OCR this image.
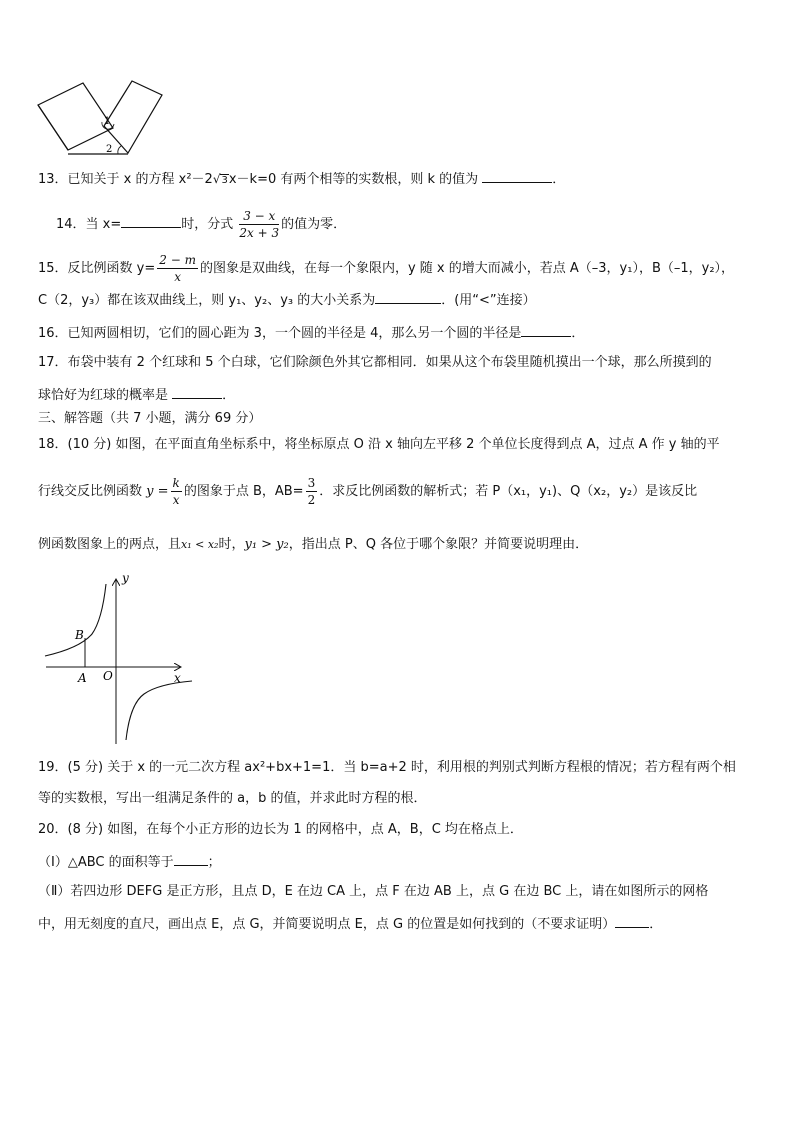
1
2
13．已知关于 x 的方程 x²－2√3x－k=0 有两个相等的实数根，则 k 的值为	．
14．当 x=	时，分式 $\frac{3 - x}{2x + 3}$ 的值为零．
15．反比例函数 $y= \frac{2 - m}{x}$ 的图象是双曲线，在每一个象限内，y 随 x 的增大而减小，若点 A（–3，y₁），B（–1，y₂），
C（2，y₃）都在该双曲线上，则 y₁、y₂、y₃ 的大小关系为	．(用“<”连接）
16．已知两圆相切，它们的圆心距为 3，一个圆的半径是 4，那么另一个圆的半径是	．
17．布袋中装有 2 个红球和 5 个白球，它们除颜色外其它都相同．如果从这个布袋里随机摸出一个球，那么所摸到的
球恰好为红球的概率是	．
三、解答题（共 7 小题，满分 69 分）
18．(10 分) 如图，在平面直角坐标系中，将坐标原点 O 沿 x 轴向左平移 2 个单位长度得到点 A，过点 A 作 y 轴的平
行线交反比例函数 $y = \frac{k}{x}$ 的图象于点 B，$AB= \frac{3}{2}$ ．求反比例函数的解析式；若 P（x₁，y₁)、Q（x₂，y₂）是该反比
例函数图象上的两点，且x₁ < x₂时，y₁ > y₂，指出点 P、Q 各位于哪个象限？并简要说明理由．
y
x
B
A O
19．(5 分) 关于 x 的一元二次方程 ax²+bx+1=1．当 b=a+2 时，利用根的判别式判断方程根的情况；若方程有两个相
等的实数根，写出一组满足条件的 a，b 的值，并求此时方程的根．
20．(8 分) 如图，在每个小正方形的边长为 1 的网格中，点 A，B，C 均在格点上．
（Ⅰ）△ABC 的面积等于	；
（Ⅱ）若四边形 DEFG 是正方形，且点 D，E 在边 CA 上，点 F 在边 AB 上，点 G 在边 BC 上，请在如图所示的网格
中，用无刻度的直尺，画出点 E，点 G，并简要说明点 E，点 G 的位置是如何找到的（不要求证明）	．
